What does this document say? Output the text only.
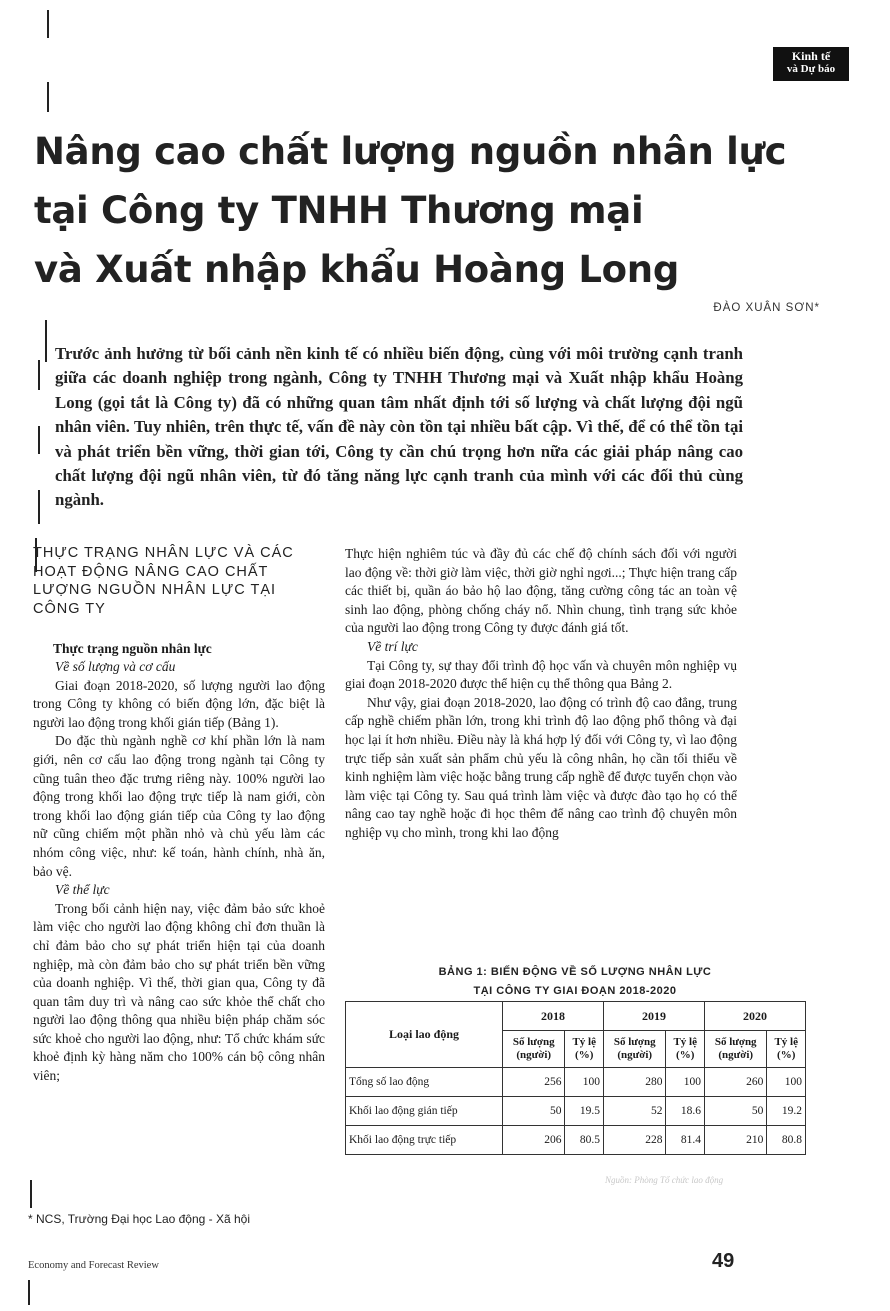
Kinh tế
và Dự báo
Nâng cao chất lượng nguồn nhân lực
tại Công ty TNHH Thương mại
và Xuất nhập khẩu Hoàng Long
ĐÀO XUÂN SƠN*
Trước ảnh hưởng từ bối cảnh nền kinh tế có nhiều biến động, cùng với môi trường cạnh tranh giữa các doanh nghiệp trong ngành, Công ty TNHH Thương mại và Xuất nhập khẩu Hoàng Long (gọi tắt là Công ty) đã có những quan tâm nhất định tới số lượng và chất lượng đội ngũ nhân viên. Tuy nhiên, trên thực tế, vấn đề này còn tồn tại nhiều bất cập. Vì thế, để có thể tồn tại và phát triển bền vững, thời gian tới, Công ty cần chú trọng hơn nữa các giải pháp nâng cao chất lượng đội ngũ nhân viên, từ đó tăng năng lực cạnh tranh của mình với các đối thủ cùng ngành.

THỰC TRẠNG NHÂN LỰC VÀ CÁC HOẠT ĐỘNG NÂNG CAO CHẤT LƯỢNG NGUỒN NHÂN LỰC TẠI CÔNG TY

Thực trạng nguồn nhân lực

Về số lượng và cơ cấu

Giai đoạn 2018-2020, số lượng người lao động trong Công ty không có biến động lớn, đặc biệt là người lao động trong khối gián tiếp (Bảng 1).

Do đặc thù ngành nghề cơ khí phần lớn là nam giới, nên cơ cấu lao động trong ngành tại Công ty cũng tuân theo đặc trưng riêng này. 100% người lao động trong khối lao động trực tiếp là nam giới, còn trong khối lao động gián tiếp của Công ty lao động nữ cũng chiếm một phần nhỏ và chủ yếu làm các nhóm công việc, như: kế toán, hành chính, nhà ăn, bảo vệ.

Về thể lực

Trong bối cảnh hiện nay, việc đảm bảo sức khoẻ làm việc cho người lao động không chỉ đơn thuần là chỉ đảm bảo cho sự phát triển hiện tại của doanh nghiệp, mà còn đảm bảo cho sự phát triển bền vững của doanh nghiệp. Vì thế, thời gian qua, Công ty đã quan tâm duy trì và nâng cao sức khỏe thể chất cho người lao động thông qua nhiều biện pháp chăm sóc sức khoẻ cho người lao động, như: Tổ chức khám sức khoẻ định kỳ hàng năm cho 100% cán bộ công nhân viên;

Thực hiện nghiêm túc và đầy đủ các chế độ chính sách đối với người lao động về: thời giờ làm việc, thời giờ nghỉ ngơi...; Thực hiện trang cấp các thiết bị, quần áo bảo hộ lao động, tăng cường công tác an toàn vệ sinh lao động, phòng chống cháy nổ. Nhìn chung, tình trạng sức khỏe của người lao động trong Công ty được đánh giá tốt.

Về trí lực

Tại Công ty, sự thay đổi trình độ học vấn và chuyên môn nghiệp vụ giai đoạn 2018-2020 được thể hiện cụ thể thông qua Bảng 2.

Như vậy, giai đoạn 2018-2020, lao động có trình độ cao đẳng, trung cấp nghề chiếm phần lớn, trong khi trình độ lao động phổ thông và đại học lại ít hơn nhiều. Điều này là khá hợp lý đối với Công ty, vì lao động trực tiếp sản xuất sản phẩm chủ yếu là công nhân, họ cần tối thiểu về kinh nghiệm làm việc hoặc bằng trung cấp nghề để được tuyển chọn vào làm việc tại Công ty. Sau quá trình làm việc và được đào tạo họ có thể nâng cao tay nghề hoặc đi học thêm để nâng cao trình độ chuyên môn nghiệp vụ cho mình, trong khi lao động

BẢNG 1: BIẾN ĐỘNG VỀ SỐ LƯỢNG NHÂN LỰC
TẠI CÔNG TY GIAI ĐOẠN 2018-2020
Loại lao động	2018		2019		2020	
	Số lượng (người)	Tỷ lệ (%)	Số lượng (người)	Tỷ lệ (%)	Số lượng (người)	Tỷ lệ (%)
Tổng số lao động	256	100	280	100	260	100
Khối lao động gián tiếp	50	19.5	52	18.6	50	19.2
Khối lao động trực tiếp	206	80.5	228	81.4	210	80.8
Nguồn: Phòng Tổ chức lao động
* NCS, Trường Đại học Lao động - Xã hội
Economy and Forecast Review	49
